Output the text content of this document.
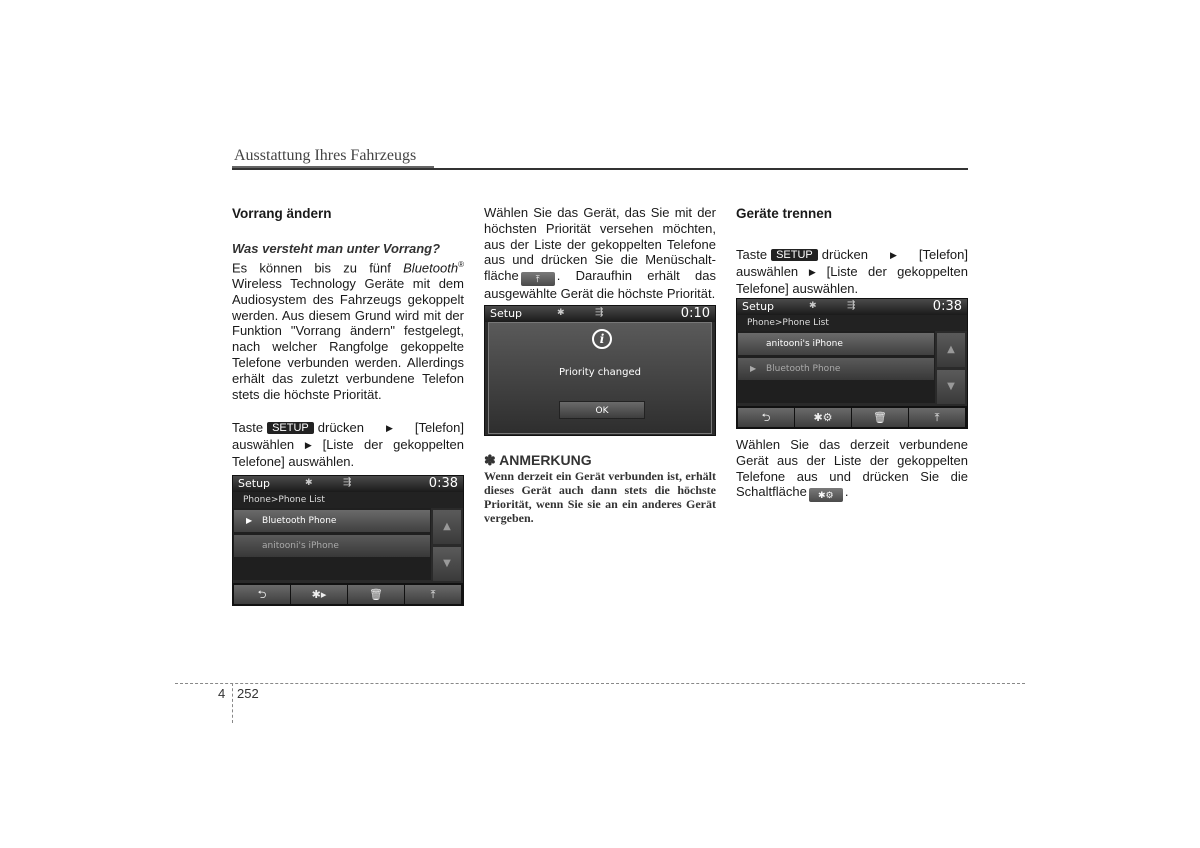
Ausstattung Ihres Fahrzeugs
Vorrang ändern
Was versteht man unter Vorrang?
Es können bis zu fünf Bluetooth® Wireless Technology Geräte mit dem Audiosystem des Fahrzeugs gekoppelt werden. Aus diesem Grund wird mit der Funktion "Vorrang ändern" festgelegt, nach welcher Rangfolge gekoppelte Telefone verbunden werden. Allerdings erhält das zuletzt verbundene Telefon stets die höchste Priorität.
Taste SETUP drücken ▶ [Telefon] auswählen ▶ [Liste der gekoppelten Telefone] auswählen.
Setup	✱	⇶	0:38
Phone>Phone List
▶ Bluetooth Phone
anitooni's iPhone
▲
▼
⮌	✱▸	🗑	⤒
Wählen Sie das Gerät, das Sie mit der höchsten Priorität versehen möchten, aus der Liste der gekoppelten Telefone aus und drücken Sie die Menüschalt-fläche ⤒ . Daraufhin erhält das ausgewählte Gerät die höchste Priorität.
Setup	✱	⇶	0:10
i
Priority changed
OK
✽ ANMERKUNG
Wenn derzeit ein Gerät verbunden ist, erhält dieses Gerät auch dann stets die höchste Priorität, wenn Sie sie an ein anderes Gerät vergeben.
Geräte trennen
Taste SETUP drücken ▶ [Telefon] auswählen ▶ [Liste der gekoppelten Telefone] auswählen.
Setup	✱	⇶	0:38
Phone>Phone List
anitooni's iPhone
▶ Bluetooth Phone
▲
▼
⮌	✱⚙	🗑	⤒
Wählen Sie das derzeit verbundene Gerät aus der Liste der gekoppelten Telefone aus und drücken Sie die Schaltfläche ✱⚙ .
4 252
